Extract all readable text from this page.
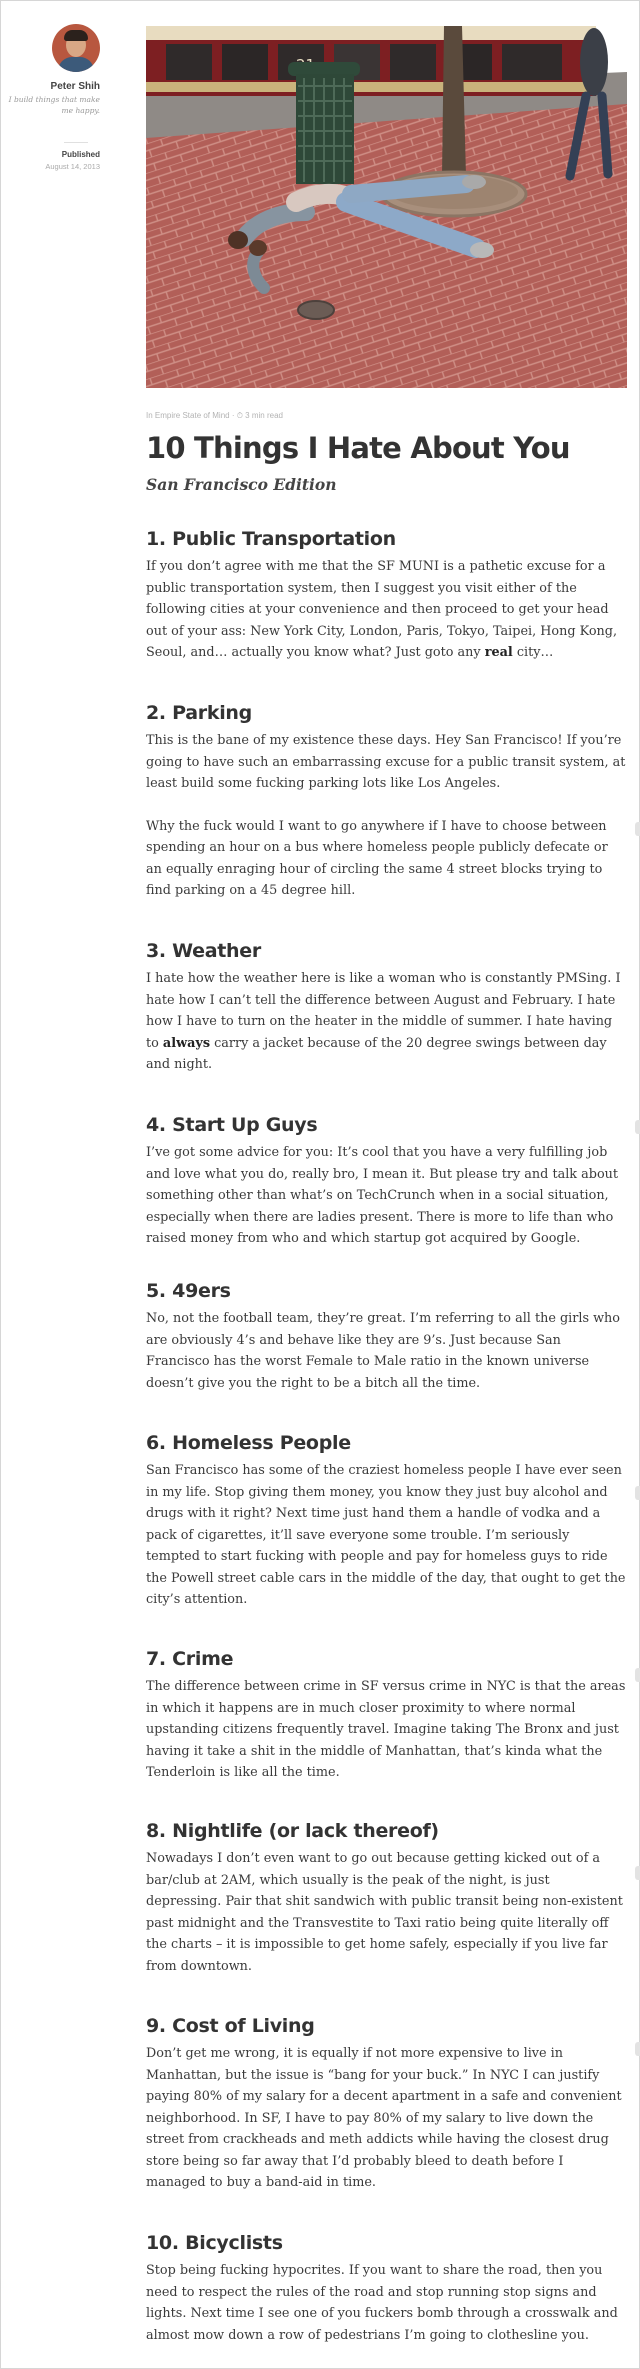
Peter Shih
I build things that make me happy.
Published
August 14, 2013
In Empire State of Mind · ⏱ 3 min read
10 Things I Hate About You
San Francisco Edition
1. Public Transportation

If you don’t agree with me that the SF MUNI is a pathetic excuse for a public transportation system, then I suggest you visit either of the following cities at your convenience and then proceed to get your head out of your ass: New York City, London, Paris, Tokyo, Taipei, Hong Kong, Seoul, and… actually you know what? Just goto any real city…

2. Parking

This is the bane of my existence these days. Hey San Francisco! If you’re going to have such an embarrassing excuse for a public transit system, at least build some fucking parking lots like Los Angeles.

Why the fuck would I want to go anywhere if I have to choose between spending an hour on a bus where homeless people publicly defecate or an equally enraging hour of circling the same 4 street blocks trying to find parking on a 45 degree hill.

3. Weather

I hate how the weather here is like a woman who is constantly PMSing. I hate how I can’t tell the difference between August and February. I hate how I have to turn on the heater in the middle of summer. I hate having to always carry a jacket because of the 20 degree swings between day and night.

4. Start Up Guys

I’ve got some advice for you: It’s cool that you have a very fulfilling job and love what you do, really bro, I mean it. But please try and talk about something other than what’s on TechCrunch when in a social situation, especially when there are ladies present. There is more to life than who raised money from who and which startup got acquired by Google.

5. 49ers

No, not the football team, they’re great. I’m referring to all the girls who are obviously 4’s and behave like they are 9’s. Just because San Francisco has the worst Female to Male ratio in the known universe doesn’t give you the right to be a bitch all the time.

6. Homeless People

San Francisco has some of the craziest homeless people I have ever seen in my life. Stop giving them money, you know they just buy alcohol and drugs with it right? Next time just hand them a handle of vodka and a pack of cigarettes, it’ll save everyone some trouble. I’m seriously tempted to start fucking with people and pay for homeless guys to ride the Powell street cable cars in the middle of the day, that ought to get the city’s attention.

7. Crime

The difference between crime in SF versus crime in NYC is that the areas in which it happens are in much closer proximity to where normal upstanding citizens frequently travel. Imagine taking The Bronx and just having it take a shit in the middle of Manhattan, that’s kinda what the Tenderloin is like all the time.

8. Nightlife (or lack thereof)

Nowadays I don’t even want to go out because getting kicked out of a bar/club at 2AM, which usually is the peak of the night, is just depressing. Pair that shit sandwich with public transit being non-existent past midnight and the Transvestite to Taxi ratio being quite literally off the charts – it is impossible to get home safely, especially if you live far from downtown.

9. Cost of Living

Don’t get me wrong, it is equally if not more expensive to live in Manhattan, but the issue is “bang for your buck.” In NYC I can justify paying 80% of my salary for a decent apartment in a safe and convenient neighborhood. In SF, I have to pay 80% of my salary to live down the street from crackheads and meth addicts while having the closest drug store being so far away that I’d probably bleed to death before I managed to buy a band-aid in time.

10. Bicyclists

Stop being fucking hypocrites. If you want to share the road, then you need to respect the rules of the road and stop running stop signs and lights. Next time I see one of you fuckers bomb through a crosswalk and almost mow down a row of pedestrians I’m going to clothesline you.
